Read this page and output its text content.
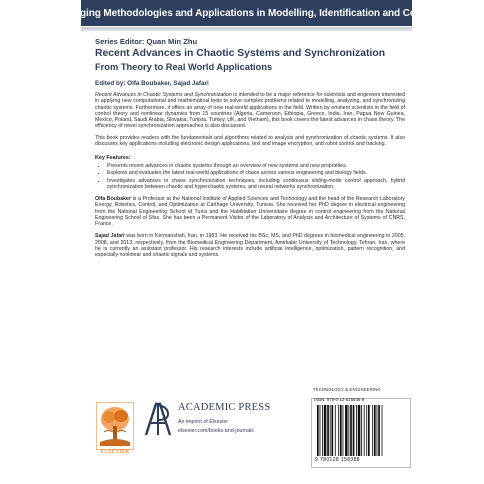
Emerging Methodologies and Applications in Modelling, Identification and Control
Series Editor: Quan Min Zhu
Recent Advances in Chaotic Systems and Synchronization
From Theory to Real World Applications
Edited by: Olfa Boubaker, Sajad Jafari

Recent Advances in Chaotic Systems and Synchronization is intended to be a major reference for scientists and engineers interested in applying new computational and mathematical tools to solve complex problems related to modelling, analyzing, and synchronizing chaotic systems. Furthermore, it offers an array of new real-world applications in the field. Written by eminent scientists in the field of control theory and nonlinear dynamics from 15 countries (Algeria, Cameroon, Ethiopia, Greece, India, Iran, Papua New Guinea, Mexico, Poland, Saudi Arabia, Slovakia, Tunisia, Turkey, UK, and Vietnam), this book covers the latest advances in chaos theory. The efficiency of novel synchronization approaches is also discussed.

This book provides readers with the fundamentals and algorithms related to analysis and synchronization of chaotic systems. It also discusses key applications including electronic design applications, text and image encryption, and robot control and tracking.

Key Features:
• Presents recent advances in chaotic systems through an overview of new systems and new proprieties.
• Explores and evaluates the latest real-world applications of chaos across various engineering and biology fields.
• Investigates advances in chaos synchronization techniques, including continuous sliding-mode control approach, hybrid synchronization between chaotic and hyperchaotic systems, and neural networks synchronization.

Olfa Boubaker is a Professor at the National Institute of Applied Sciences and Technology and the head of the Research Laboratory Energy, Robotics, Control, and Optimization at Carthage University, Tunisia. She received her PhD degree in electrical engineering from the National Engineering School of Tunis and the Habilitation Universitaire degree in control engineering from the National Engineering School of Sfax. She has been a Permanent Visitor of the Laboratory of Analysis and Architecture of Systems of CNRS, France.

Sajad Jafari was born in Kermanshah, Iran, in 1983. He received his BSc, MS, and PhD degrees in biomedical engineering in 2005, 2008, and 2013, respectively, from the Biomedical Engineering Department, Amirkabir University of Technology, Tehran, Iran, where he is currently an assistant professor. His research interests include artificial intelligence, optimization, pattern recognition, and especially nonlinear and chaotic signals and systems.

ELSEVIER
ACADEMIC PRESS
An imprint of Elsevier
elsevier.com/books-and-journals
TECHNOLOGY & ENGINEERING
ISBN: 978-0-12-815838-8
9 780128 158388
